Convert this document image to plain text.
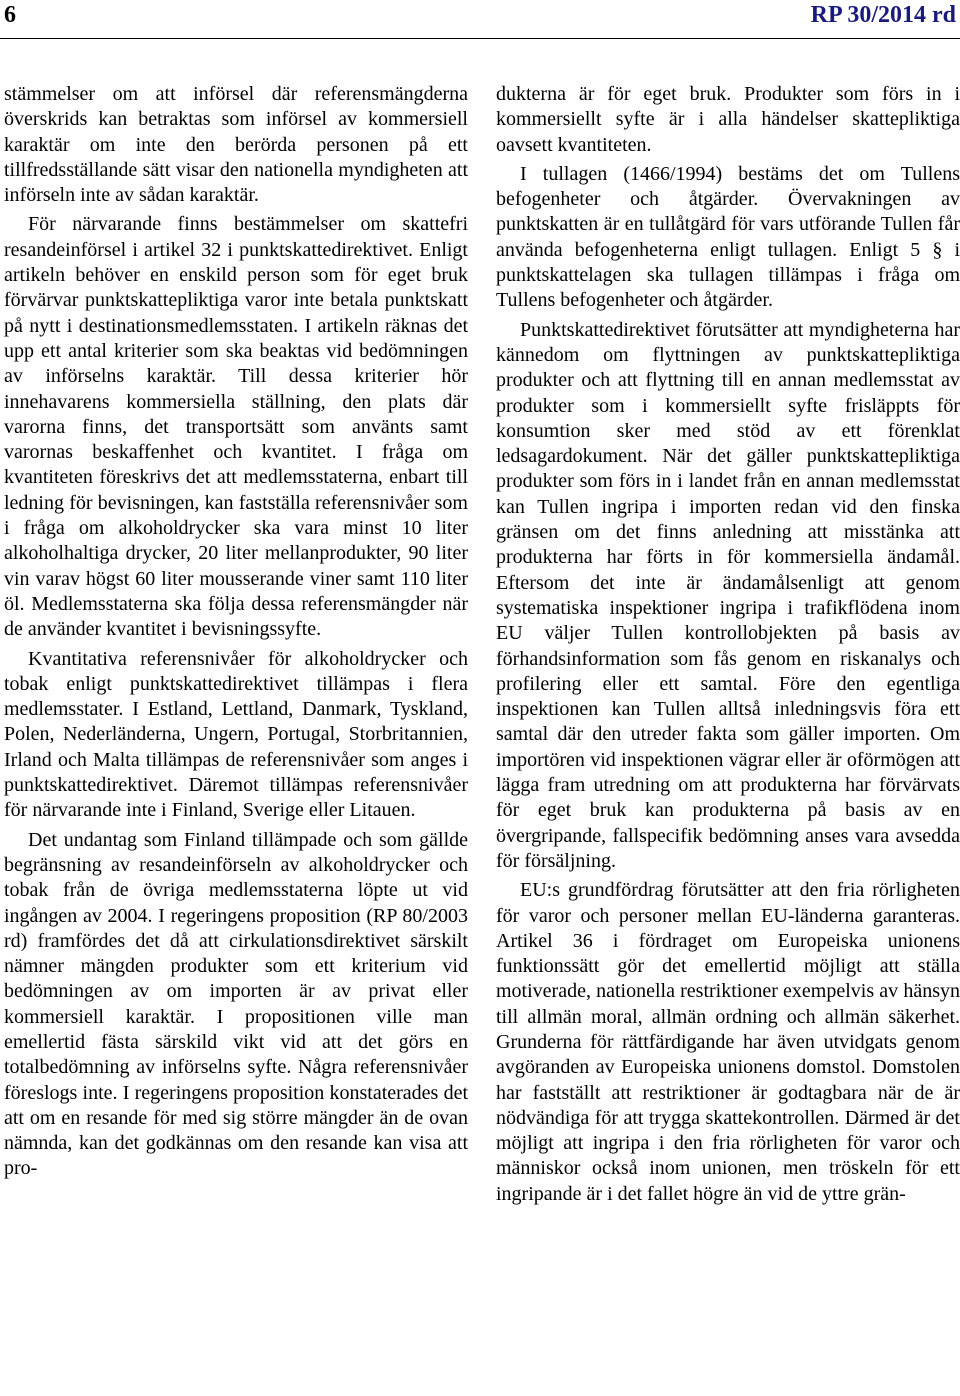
6	RP 30/2014 rd

stämmelser om att införsel där referensmängderna överskrids kan betraktas som införsel av kommersiell karaktär om inte den berörda personen på ett tillfredsställande sätt visar den nationella myndigheten att införseln inte av sådan karaktär.

För närvarande finns bestämmelser om skattefri resandeinförsel i artikel 32 i punktskattedirektivet. Enligt artikeln behöver en enskild person som för eget bruk förvärvar punktskattepliktiga varor inte betala punktskatt på nytt i destinationsmedlemsstaten. I artikeln räknas det upp ett antal kriterier som ska beaktas vid bedömningen av införselns karaktär. Till dessa kriterier hör innehavarens kommersiella ställning, den plats där varorna finns, det transportsätt som använts samt varornas beskaffenhet och kvantitet. I fråga om kvantiteten föreskrivs det att medlemsstaterna, enbart till ledning för bevisningen, kan fastställa referensnivåer som i fråga om alkoholdrycker ska vara minst 10 liter alkoholhaltiga drycker, 20 liter mellanprodukter, 90 liter vin varav högst 60 liter mousserande viner samt 110 liter öl. Medlemsstaterna ska följa dessa referensmängder när de använder kvantitet i bevisningssyfte.

Kvantitativa referensnivåer för alkoholdrycker och tobak enligt punktskattedirektivet tillämpas i flera medlemsstater. I Estland, Lettland, Danmark, Tyskland, Polen, Nederländerna, Ungern, Portugal, Storbritannien, Irland och Malta tillämpas de referensnivåer som anges i punktskattedirektivet. Däremot tillämpas referensnivåer för närvarande inte i Finland, Sverige eller Litauen.

Det undantag som Finland tillämpade och som gällde begränsning av resandeinförseln av alkoholdrycker och tobak från de övriga medlemsstaterna löpte ut vid ingången av 2004. I regeringens proposition (RP 80/2003 rd) framfördes det då att cirkulationsdirektivet särskilt nämner mängden produkter som ett kriterium vid bedömningen av om importen är av privat eller kommersiell karaktär. I propositionen ville man emellertid fästa särskild vikt vid att det görs en totalbedömning av införselns syfte. Några referensnivåer föreslogs inte. I regeringens proposition konstaterades det att om en resande för med sig större mängder än de ovan nämnda, kan det godkännas om den resande kan visa att pro-

dukterna är för eget bruk. Produkter som förs in i kommersiellt syfte är i alla händelser skattepliktiga oavsett kvantiteten.

I tullagen (1466/1994) bestäms det om Tullens befogenheter och åtgärder. Övervakningen av punktskatten är en tullåtgärd för vars utförande Tullen får använda befogenheterna enligt tullagen. Enligt 5 § i punktskattelagen ska tullagen tillämpas i fråga om Tullens befogenheter och åtgärder.

Punktskattedirektivet förutsätter att myndigheterna har kännedom om flyttningen av punktskattepliktiga produkter och att flyttning till en annan medlemsstat av produkter som i kommersiellt syfte frisläppts för konsumtion sker med stöd av ett förenklat ledsagardokument. När det gäller punktskattepliktiga produkter som förs in i landet från en annan medlemsstat kan Tullen ingripa i importen redan vid den finska gränsen om det finns anledning att misstänka att produkterna har förts in för kommersiella ändamål. Eftersom det inte är ändamålsenligt att genom systematiska inspektioner ingripa i trafikflödena inom EU väljer Tullen kontrollobjekten på basis av förhandsinformation som fås genom en riskanalys och profilering eller ett samtal. Före den egentliga inspektionen kan Tullen alltså inledningsvis föra ett samtal där den utreder fakta som gäller importen. Om importören vid inspektionen vägrar eller är oförmögen att lägga fram utredning om att produkterna har förvärvats för eget bruk kan produkterna på basis av en övergripande, fallspecifik bedömning anses vara avsedda för försäljning.

EU:s grundfördrag förutsätter att den fria rörligheten för varor och personer mellan EU-länderna garanteras. Artikel 36 i fördraget om Europeiska unionens funktionssätt gör det emellertid möjligt att ställa motiverade, nationella restriktioner exempelvis av hänsyn till allmän moral, allmän ordning och allmän säkerhet. Grunderna för rättfärdigande har även utvidgats genom avgöranden av Europeiska unionens domstol. Domstolen har fastställt att restriktioner är godtagbara när de är nödvändiga för att trygga skattekontrollen. Därmed är det möjligt att ingripa i den fria rörligheten för varor och människor också inom unionen, men tröskeln för ett ingripande är i det fallet högre än vid de yttre grän-
